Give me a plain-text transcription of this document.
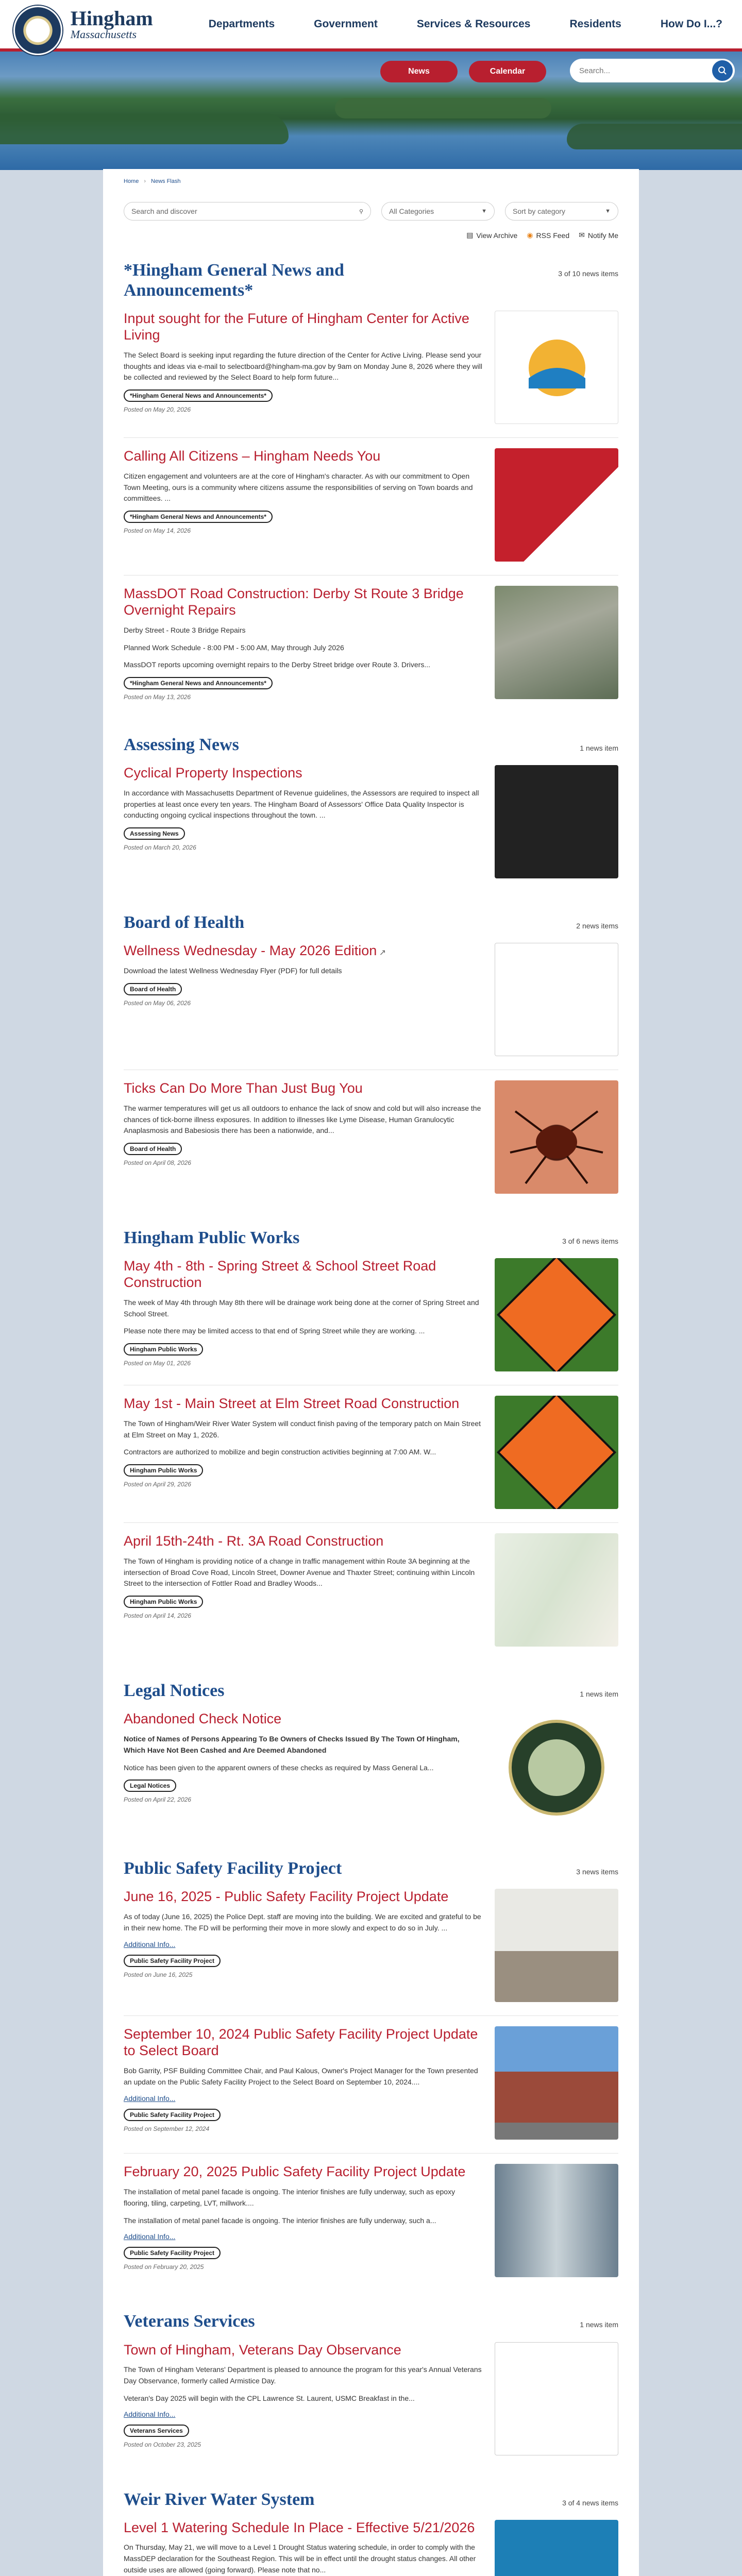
Hingham
Massachusetts
Departments	Government	Services & Resources	Residents	How Do I...?
News	Calendar	Search...
Home › News Flash
Search and discover	⚲	All Categories	▼	Sort by category	▼
▤ View Archive ◉ RSS Feed ✉ Notify Me
*Hingham General News and Announcements*
3 of 10 news items
Input sought for the Future of Hingham Center for Active Living

The Select Board is seeking input regarding the future direction of the Center for Active Living. Please send your thoughts and ideas via e-mail to selectboard@hingham-ma.gov by 9am on Monday June 8, 2026 where they will be collected and reviewed by the Select Board to help form future...

*Hingham General News and Announcements*
Posted on May 20, 2026
Calling All Citizens – Hingham Needs You

Citizen engagement and volunteers are at the core of Hingham's character. As with our commitment to Open Town Meeting, ours is a community where citizens assume the responsibilities of serving on Town boards and committees. ...

*Hingham General News and Announcements*
Posted on May 14, 2026
MassDOT Road Construction: Derby St Route 3 Bridge Overnight Repairs

Derby Street - Route 3 Bridge Repairs

Planned Work Schedule - 8:00 PM - 5:00 AM, May through July 2026

MassDOT reports upcoming overnight repairs to the Derby Street bridge over Route 3. Drivers...

*Hingham General News and Announcements*
Posted on May 13, 2026
Assessing News	1 news item
Cyclical Property Inspections

In accordance with Massachusetts Department of Revenue guidelines, the Assessors are required to inspect all properties at least once every ten years. The Hingham Board of Assessors' Office Data Quality Inspector is conducting ongoing cyclical inspections throughout the town. ...

Assessing News
Posted on March 20, 2026
Board of Health	2 news items
Wellness Wednesday - May 2026 Edition ↗

Download the latest Wellness Wednesday Flyer (PDF) for full details

Board of Health
Posted on May 06, 2026
Ticks Can Do More Than Just Bug You

The warmer temperatures will get us all outdoors to enhance the lack of snow and cold but will also increase the chances of tick-borne illness exposures. In addition to illnesses like Lyme Disease, Human Granulocytic Anaplasmosis and Babesiosis there has been a nationwide, and...

Board of Health
Posted on April 08, 2026
Hingham Public Works	3 of 6 news items
May 4th - 8th - Spring Street & School Street Road Construction

The week of May 4th through May 8th there will be drainage work being done at the corner of Spring Street and School Street.

Please note there may be limited access to that end of Spring Street while they are working. ...

Hingham Public Works
Posted on May 01, 2026
May 1st - Main Street at Elm Street Road Construction

The Town of Hingham/Weir River Water System will conduct finish paving of the temporary patch on Main Street at Elm Street on May 1, 2026.

Contractors are authorized to mobilize and begin construction activities beginning at 7:00 AM. W...

Hingham Public Works
Posted on April 29, 2026
April 15th-24th - Rt. 3A Road Construction

The Town of Hingham is providing notice of a change in traffic management within Route 3A beginning at the intersection of Broad Cove Road, Lincoln Street, Downer Avenue and Thaxter Street; continuing within Lincoln Street to the intersection of Fottler Road and Bradley Woods...

Hingham Public Works
Posted on April 14, 2026
Legal Notices	1 news item
Abandoned Check Notice

Notice of Names of Persons Appearing To Be Owners of Checks Issued By The Town Of Hingham, Which Have Not Been Cashed and Are Deemed Abandoned

Notice has been given to the apparent owners of these checks as required by Mass General La...

Legal Notices
Posted on April 22, 2026
Public Safety Facility Project	3 news items
June 16, 2025 - Public Safety Facility Project Update

As of today (June 16, 2025) the Police Dept. staff are moving into the building. We are excited and grateful to be in their new home. The FD will be performing their move in more slowly and expect to do so in July. ...

Additional Info...
Public Safety Facility Project
Posted on June 16, 2025
September 10, 2024 Public Safety Facility Project Update to Select Board

Bob Garrity, PSF Building Committee Chair, and Paul Kalous, Owner's Project Manager for the Town presented an update on the Public Safety Facility Project to the Select Board on September 10, 2024....

Additional Info...
Public Safety Facility Project
Posted on September 12, 2024
February 20, 2025 Public Safety Facility Project Update

The installation of metal panel facade is ongoing. The interior finishes are fully underway, such as epoxy flooring, tiling, carpeting, LVT, millwork....

The installation of metal panel facade is ongoing. The interior finishes are fully underway, such a...

Additional Info...
Public Safety Facility Project
Posted on February 20, 2025
Veterans Services	1 news item
Town of Hingham, Veterans Day Observance

The Town of Hingham Veterans' Department is pleased to announce the program for this year's Annual Veterans Day Observance, formerly called Armistice Day.

Veteran's Day 2025 will begin with the CPL Lawrence St. Laurent, USMC Breakfast in the...

Additional Info...
Veterans Services
Posted on October 23, 2025
Weir River Water System	3 of 4 news items
Level 1 Watering Schedule In Place - Effective 5/21/2026

On Thursday, May 21, we will move to a Level 1 Drought Status watering schedule, in order to comply with the MassDEP declaration for the Southeast Region. This will be in effect until the drought status changes. All other outside uses are allowed (going forward). Please note that no...
